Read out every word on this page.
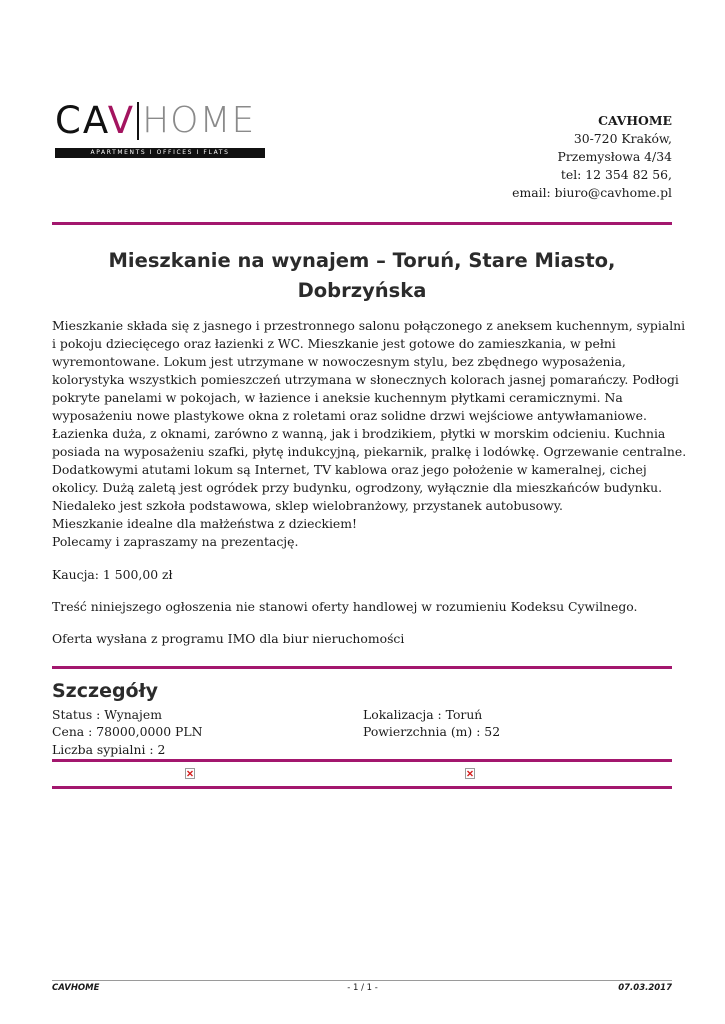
CAV HOME
APARTMENTS I OFFICES I FLATS
CAVHOME
30-720 Kraków,
Przemysłowa 4/34
tel: 12 354 82 56,
email: biuro@cavhome.pl
Mieszkanie na wynajem – Toruń, Stare Miasto, Dobrzyńska
Mieszkanie składa się z jasnego i przestronnego salonu połączonego z aneksem kuchennym, sypialni
i pokoju dziecięcego oraz łazienki z WC. Mieszkanie jest gotowe do zamieszkania, w pełni
wyremontowane. Lokum jest utrzymane w nowoczesnym stylu, bez zbędnego wyposażenia,
kolorystyka wszystkich pomieszczeń utrzymana w słonecznych kolorach jasnej pomarańczy. Podłogi
pokryte panelami w pokojach, w łazience i aneksie kuchennym płytkami ceramicznymi. Na
wyposażeniu nowe plastykowe okna z roletami oraz solidne drzwi wejściowe antywłamaniowe.
Łazienka duża, z oknami, zarówno z wanną, jak i brodzikiem, płytki w morskim odcieniu. Kuchnia
posiada na wyposażeniu szafki, płytę indukcyjną, piekarnik, pralkę i lodówkę. Ogrzewanie centralne.
Dodatkowymi atutami lokum są Internet, TV kablowa oraz jego położenie w kameralnej, cichej
okolicy. Dużą zaletą jest ogródek przy budynku, ogrodzony, wyłącznie dla mieszkańców budynku.
Niedaleko jest szkoła podstawowa, sklep wielobranżowy, przystanek autobusowy.
Mieszkanie idealne dla małżeństwa z dzieckiem!
Polecamy i zapraszamy na prezentację.
Kaucja: 1 500,00 zł
Treść niniejszego ogłoszenia nie stanowi oferty handlowej w rozumieniu Kodeksu Cywilnego.
Oferta wysłana z programu IMO dla biur nieruchomości
Szczegóły
Status : Wynajem
Cena : 78000,0000 PLN
Liczba sypialni : 2
Lokalizacja : Toruń
Powierzchnia (m) : 52
CAVHOME	- 1 / 1 -	07.03.2017
